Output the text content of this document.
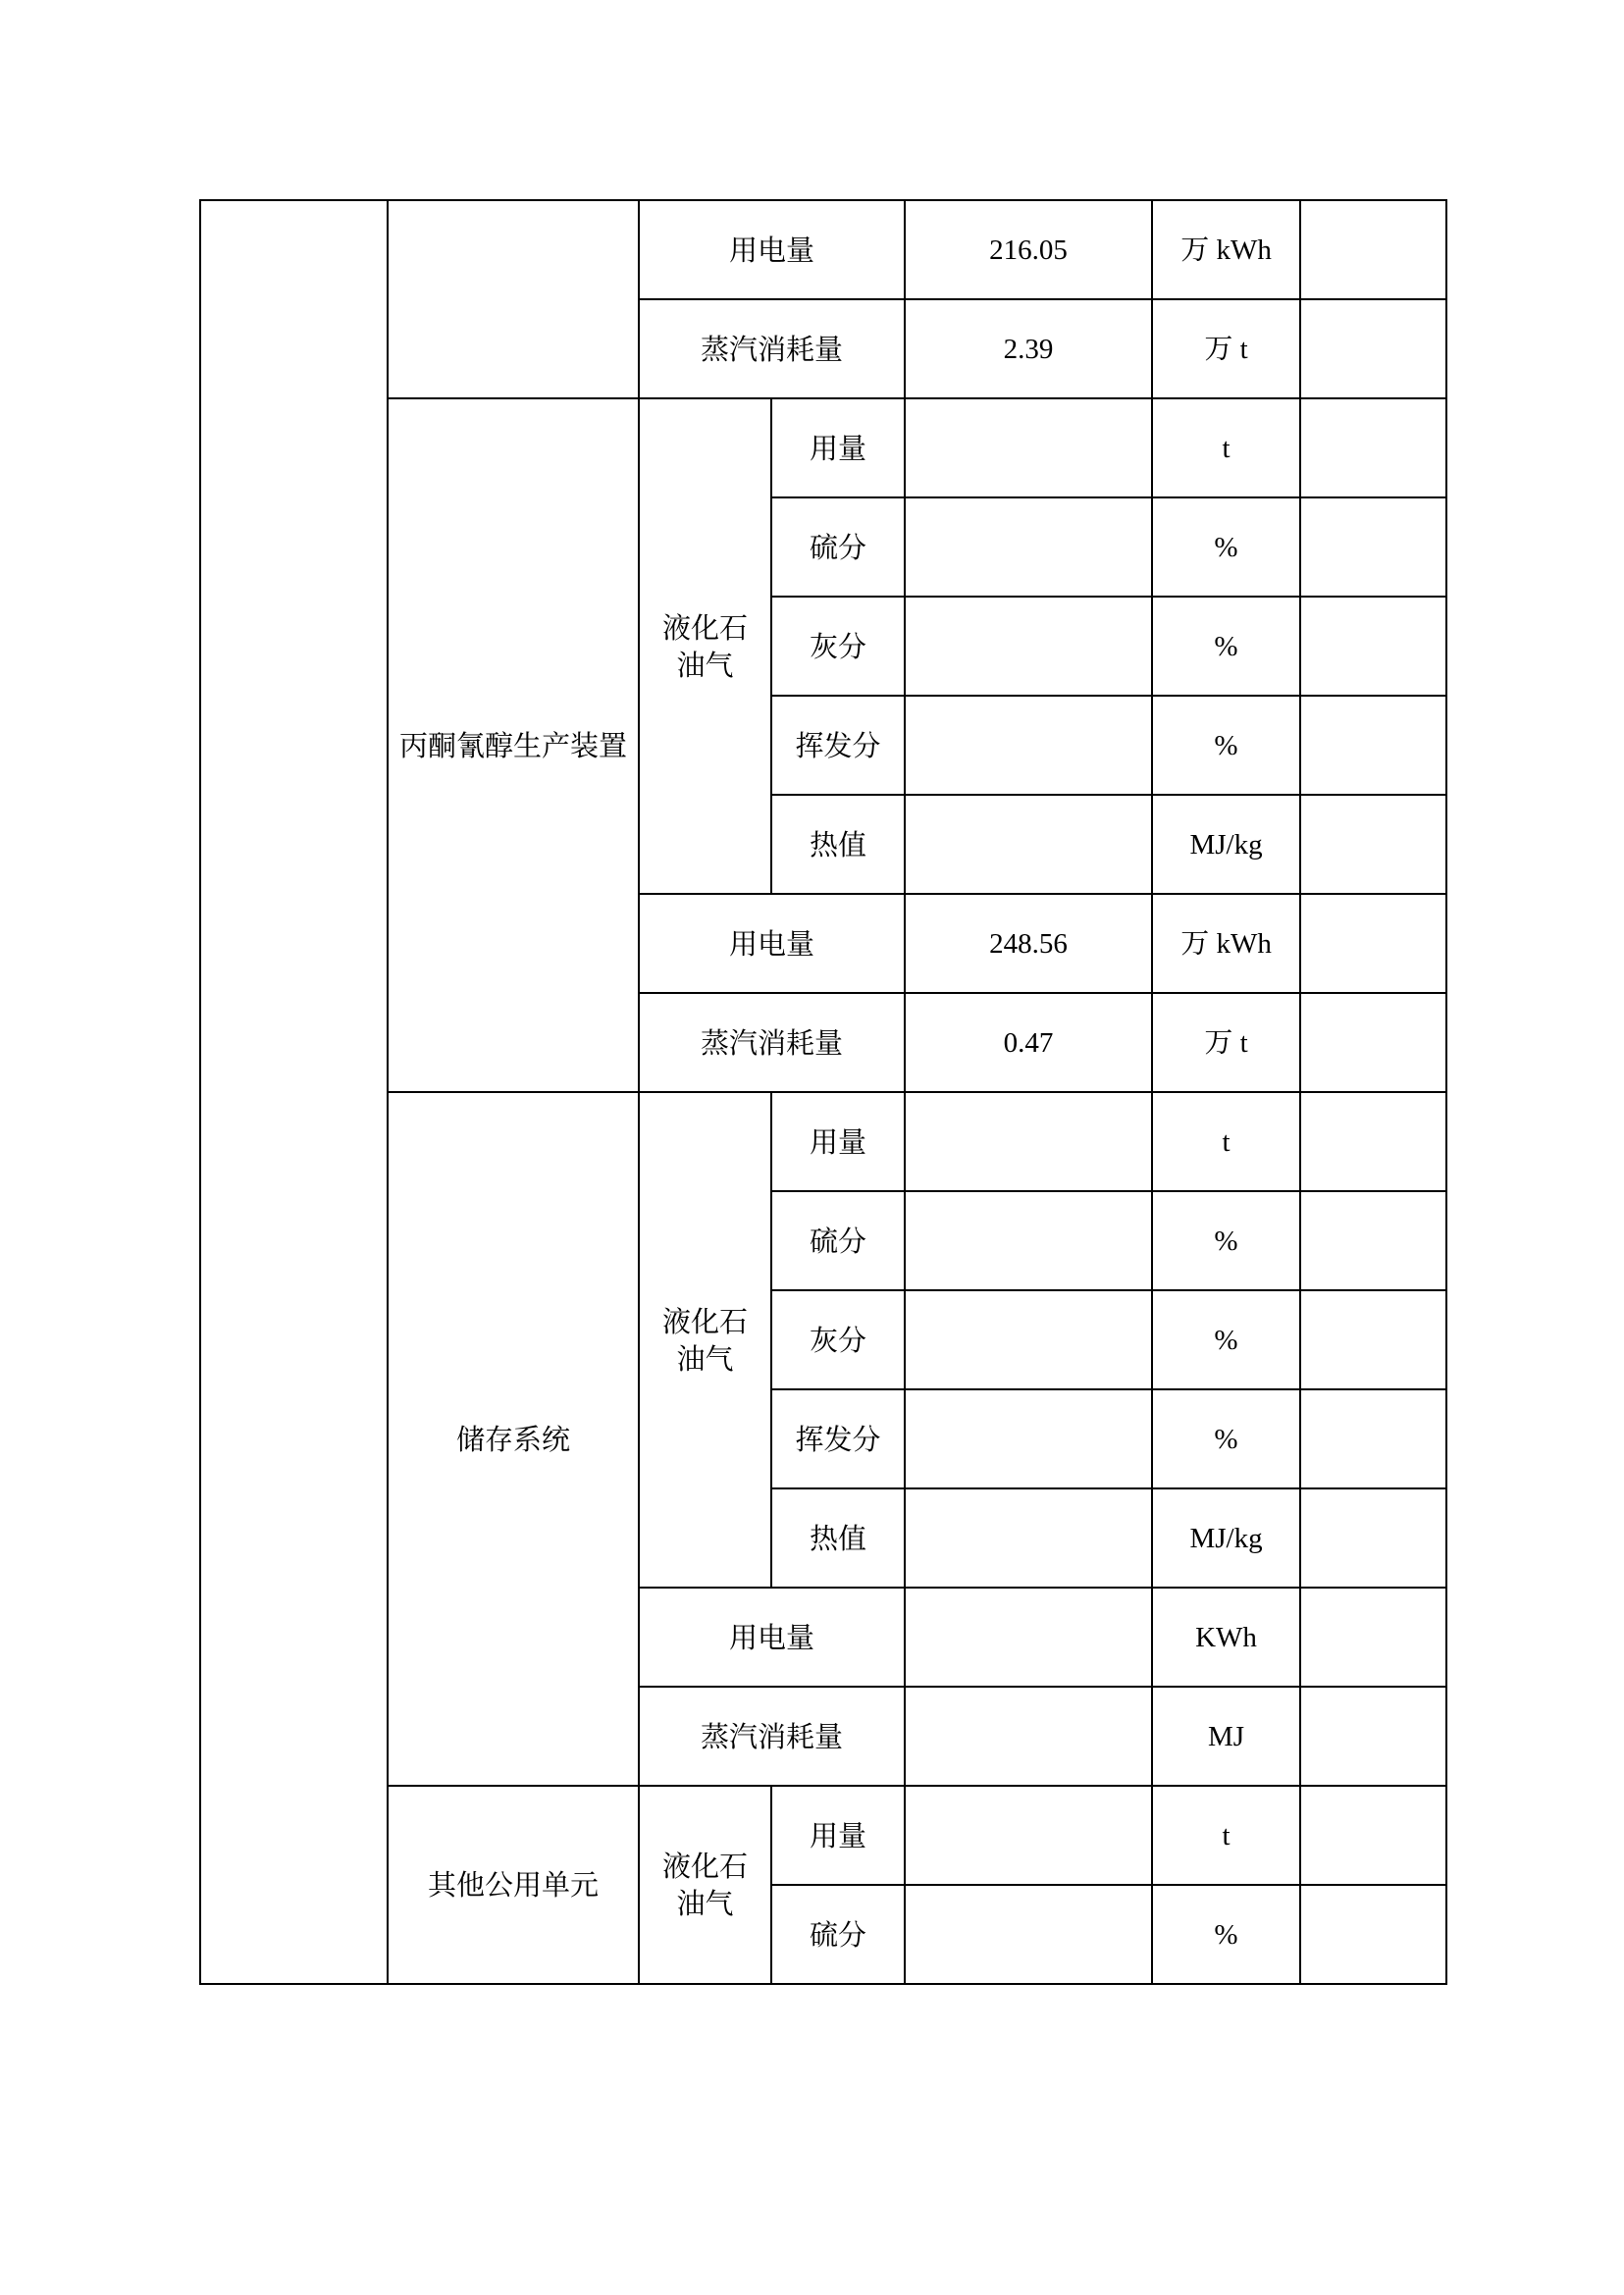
		用电量		216.05	万 kWh	
		蒸汽消耗量		2.39	万 t	
	丙酮氰醇生产装置	液化石油气	用量		t	
			硫分		%	
			灰分		%	
			挥发分		%	
			热值		MJ/kg	
		用电量		248.56	万 kWh	
		蒸汽消耗量		0.47	万 t	
	储存系统	液化石油气	用量		t	
			硫分		%	
			灰分		%	
			挥发分		%	
			热值		MJ/kg	
		用电量			KWh	
		蒸汽消耗量			MJ	
	其他公用单元	液化石油气	用量		t	
			硫分		%	
